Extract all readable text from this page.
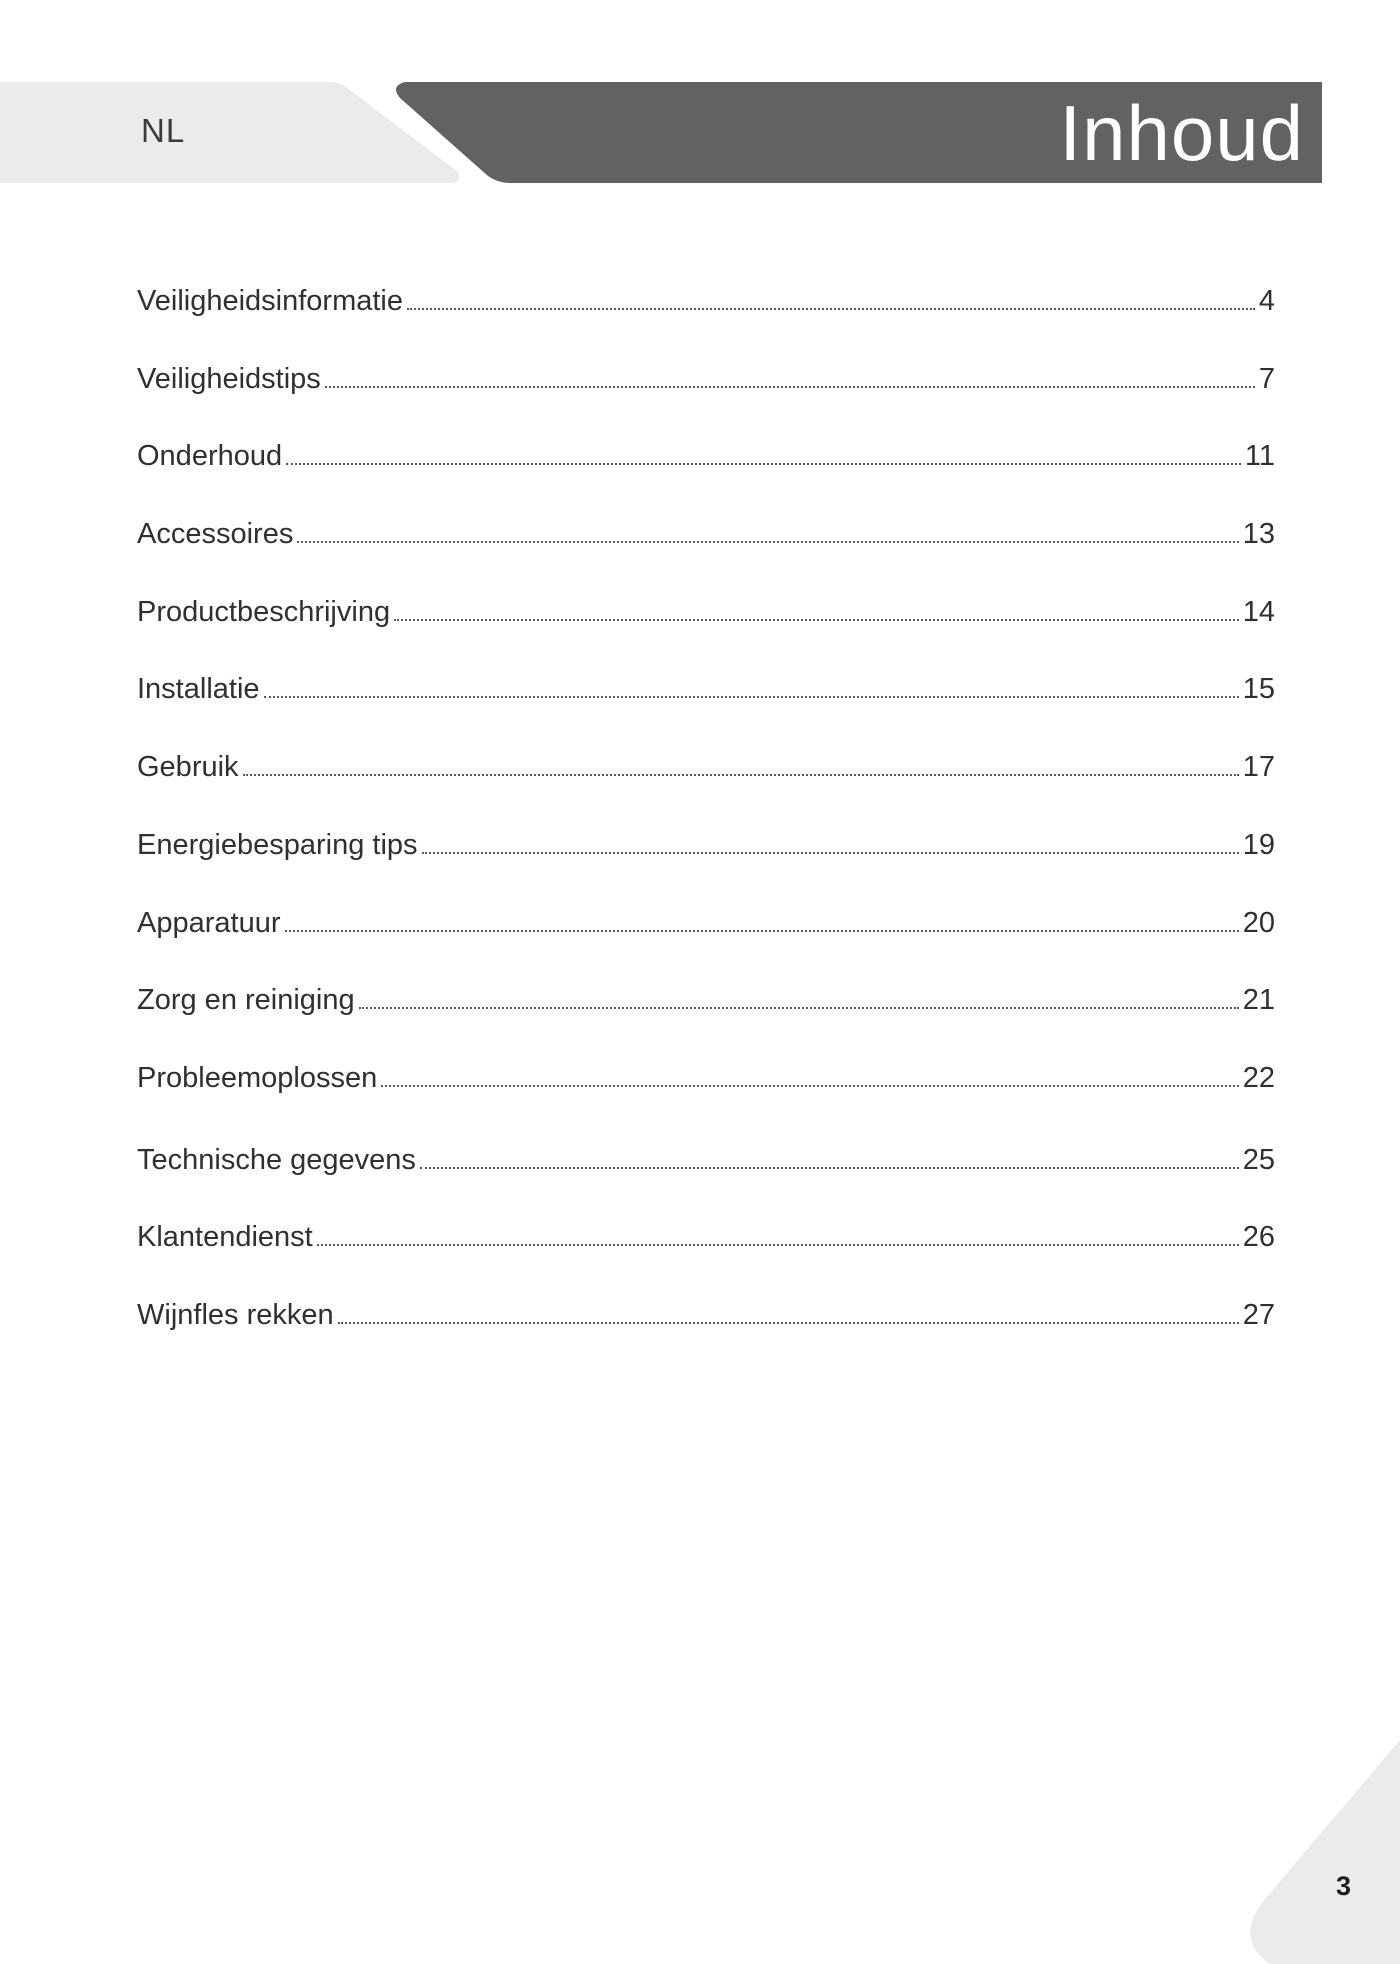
NL	Inhoud
Veiligheidsinformatie	4
Veiligheidstips	7
Onderhoud	11
Accessoires	13
Productbeschrijving	14
Installatie	15
Gebruik	17
Energiebesparing tips	19
Apparatuur	20
Zorg en reiniging	21
Probleemoplossen	22
Technische gegevens	25
Klantendienst	26
Wijnfles rekken	27
3
